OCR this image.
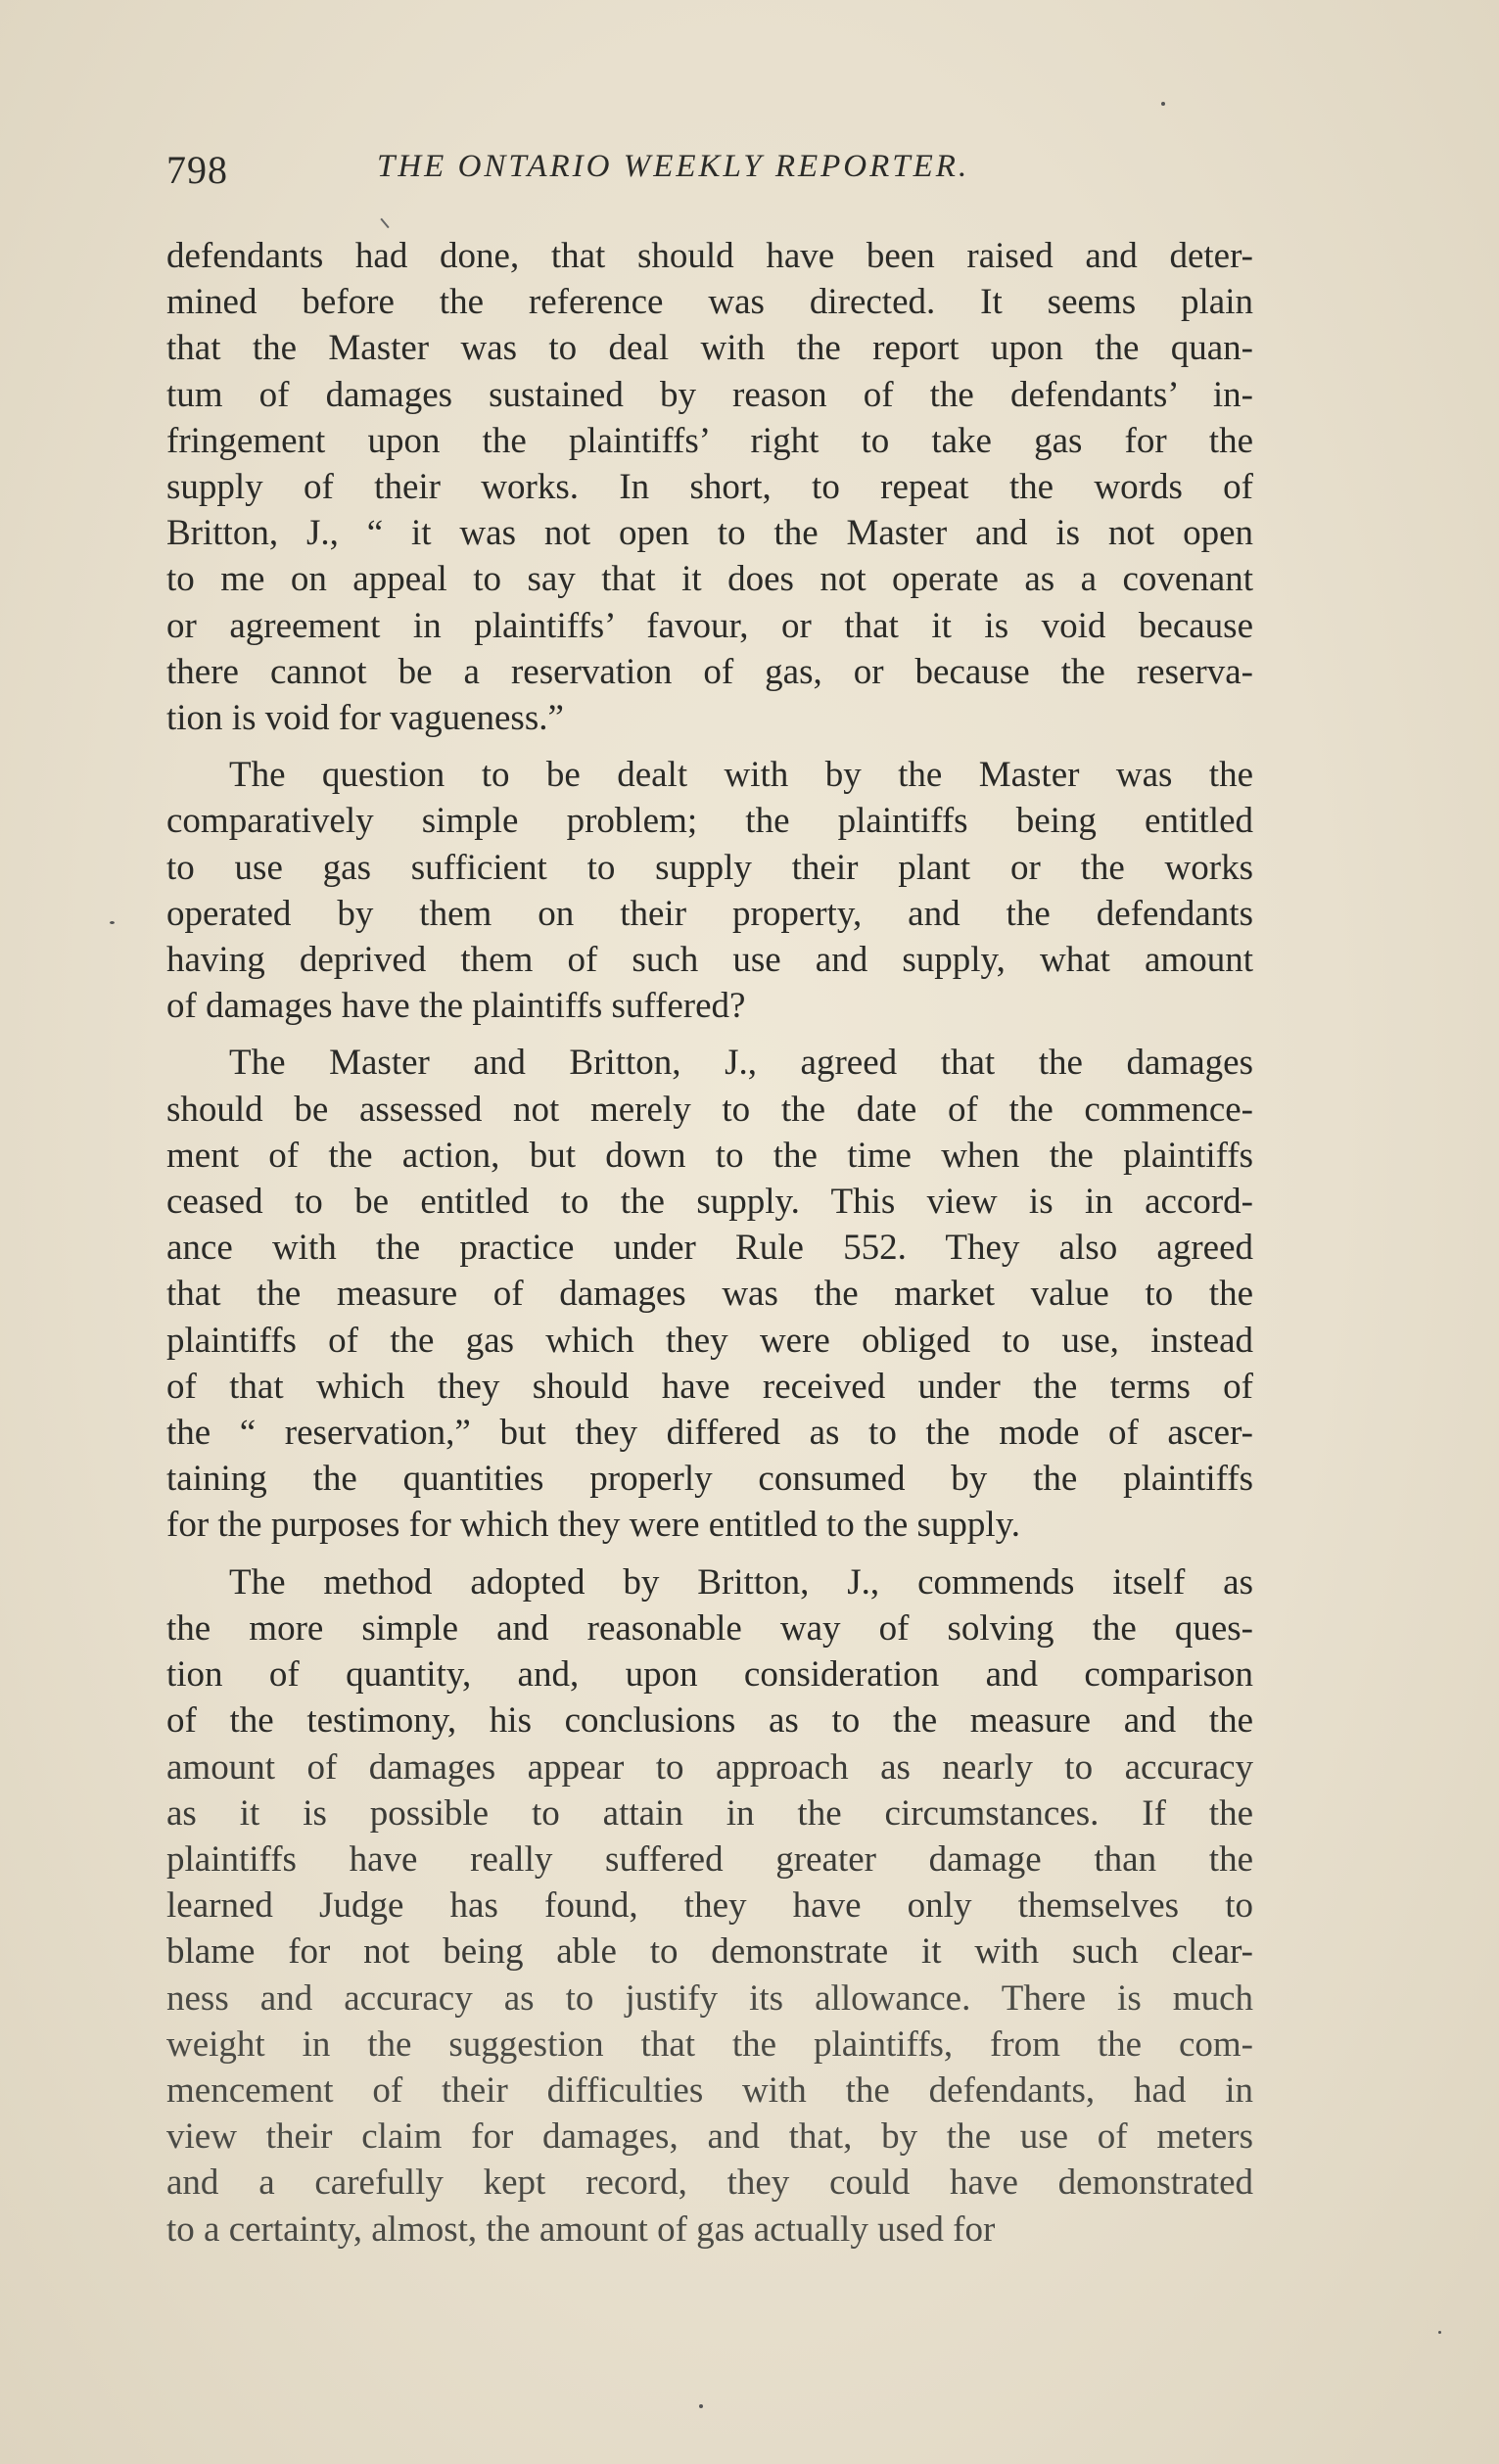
798	THE ONTARIO WEEKLY REPORTER.
defendants had done, that should have been raised and deter-
mined before the reference was directed. It seems plain
that the Master was to deal with the report upon the quan-
tum of damages sustained by reason of the defendants’ in-
fringement upon the plaintiffs’ right to take gas for the
supply of their works. In short, to repeat the words of
Britton, J., “ it was not open to the Master and is not open
to me on appeal to say that it does not operate as a covenant
or agreement in plaintiffs’ favour, or that it is void because
there cannot be a reservation of gas, or because the reserva-
tion is void for vagueness.”
The question to be dealt with by the Master was the
comparatively simple problem; the plaintiffs being entitled
to use gas sufficient to supply their plant or the works
operated by them on their property, and the defendants
having deprived them of such use and supply, what amount
of damages have the plaintiffs suffered?
The Master and Britton, J., agreed that the damages
should be assessed not merely to the date of the commence-
ment of the action, but down to the time when the plaintiffs
ceased to be entitled to the supply. This view is in accord-
ance with the practice under Rule 552. They also agreed
that the measure of damages was the market value to the
plaintiffs of the gas which they were obliged to use, instead
of that which they should have received under the terms of
the “ reservation,” but they differed as to the mode of ascer-
taining the quantities properly consumed by the plaintiffs
for the purposes for which they were entitled to the supply.
The method adopted by Britton, J., commends itself as
the more simple and reasonable way of solving the ques-
tion of quantity, and, upon consideration and comparison
of the testimony, his conclusions as to the measure and the
amount of damages appear to approach as nearly to accuracy
as it is possible to attain in the circumstances. If the
plaintiffs have really suffered greater damage than the
learned Judge has found, they have only themselves to
blame for not being able to demonstrate it with such clear-
ness and accuracy as to justify its allowance. There is much
weight in the suggestion that the plaintiffs, from the com-
mencement of their difficulties with the defendants, had in
view their claim for damages, and that, by the use of meters
and a carefully kept record, they could have demonstrated
to a certainty, almost, the amount of gas actually used for
